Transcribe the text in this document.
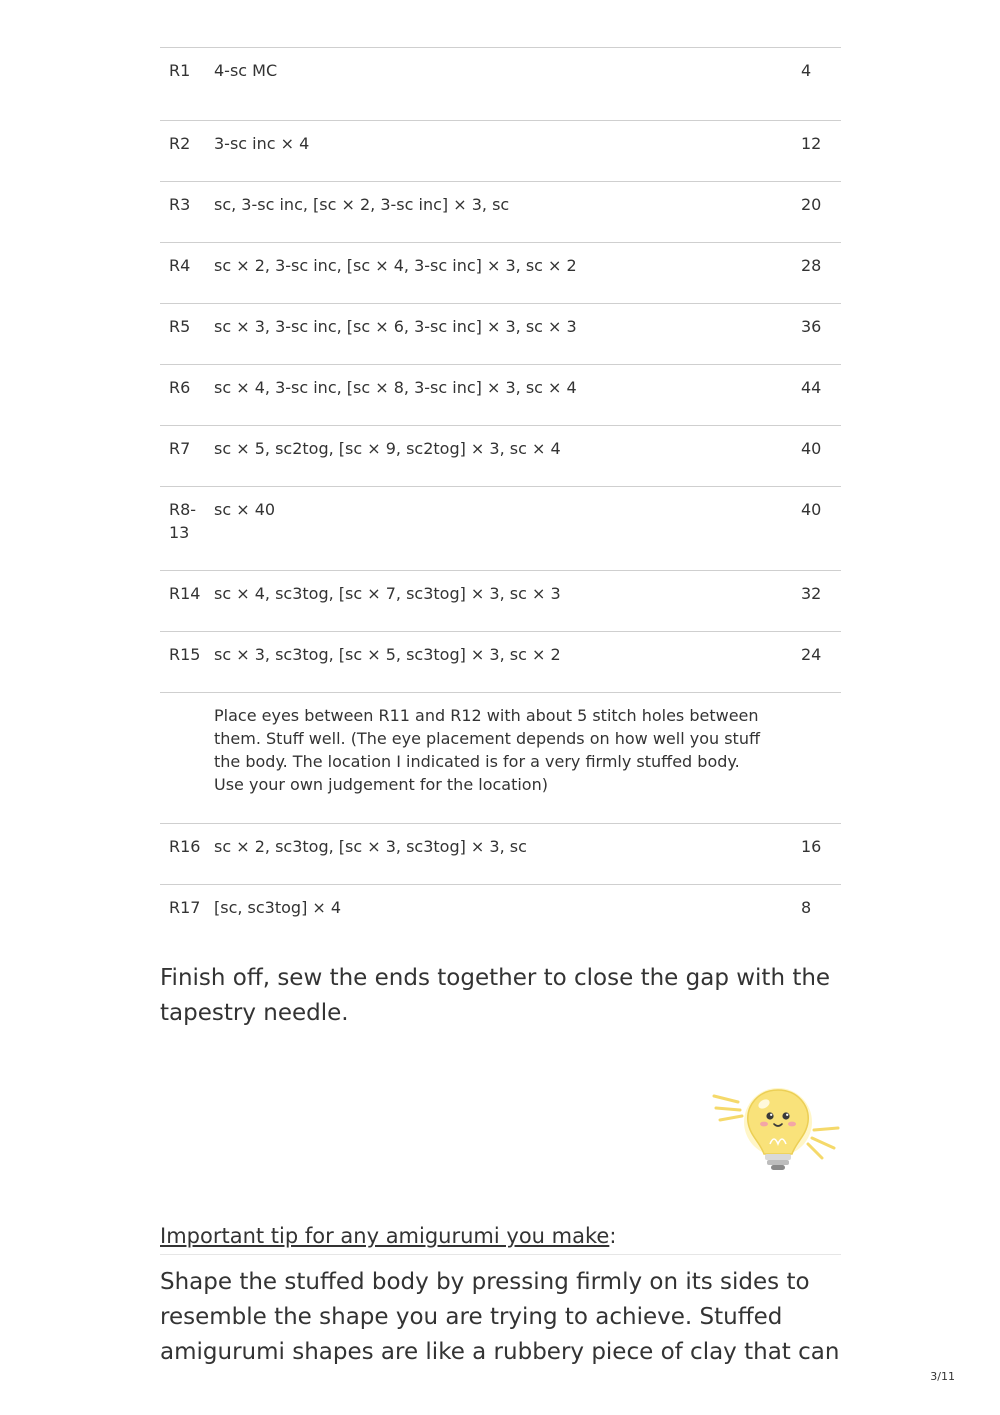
R1	4-sc MC	4
R2	3-sc inc × 4	12
R3	sc, 3-sc inc, [sc × 2, 3-sc inc] × 3, sc	20
R4	sc × 2, 3-sc inc, [sc × 4, 3-sc inc] × 3, sc × 2	28
R5	sc × 3, 3-sc inc, [sc × 6, 3-sc inc] × 3, sc × 3	36
R6	sc × 4, 3-sc inc, [sc × 8, 3-sc inc] × 3, sc × 4	44
R7	sc × 5, sc2tog, [sc × 9, sc2tog] × 3, sc × 4	40
R8-13	sc × 40	40
R14	sc × 4, sc3tog, [sc × 7, sc3tog] × 3, sc × 3	32
R15	sc × 3, sc3tog, [sc × 5, sc3tog] × 3, sc × 2	24
	Place eyes between R11 and R12 with about 5 stitch holes between them. Stuff well. (The eye placement depends on how well you stuff the body. The location I indicated is for a very firmly stuffed body. Use your own judgement for the location)	
R16	sc × 2, sc3tog, [sc × 3, sc3tog] × 3, sc	16
R17	[sc, sc3tog] × 4	8

Finish off, sew the ends together to close the gap with the tapestry needle.

Important tip for any amigurumi you make:

Shape the stuffed body by pressing firmly on its sides to resemble the shape you are trying to achieve. Stuffed amigurumi shapes are like a rubbery piece of clay that can

3/11
